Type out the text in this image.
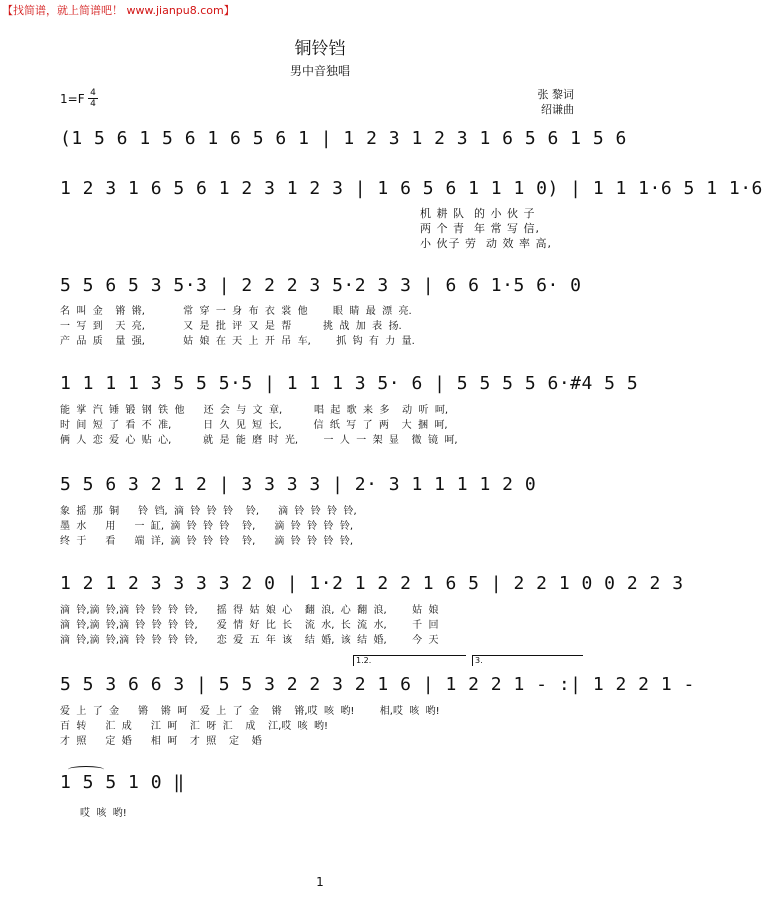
【找简谱，就上简谱吧！ www.jianpu8.com】
铜铃铛
男中音独唱
张 黎词
绍谦曲
1=F 4
4
(1 5 6 1 5 6 1 6 5 6 1 | 1 2 3 1 2 3 1 6 5 6 1 5 6
1 2 3 1 6 5 6 1 2 3 1 2 3 | 1 6 5 6 1 1 1 0) | 1 1 1·6 5 1 1·6
机 耕 队  的 小 伙 子
两 个 青  年 常 写 信,
小 伙子 劳  动 效 率 高,
5 5 6 5 3 5·3 | 2 2 2 3 5·2 3 3 | 6 6 1·5 6· 0
名  叫  金    锵  锵,            常  穿  一  身  布  衣  裳  他        眼  睛  最  漂  亮.
一  写  到    天  亮,            又  是  批  评  又  是  帮          挑  战  加  表  扬.
产  品  质    量  强,            姑  娘  在  天  上  开  吊  车,        抓  钩  有  力  量.
1 1 1 1 3 5 5 5·5 | 1 1 1 3 5· 6 | 5 5 5 5 6·#4 5 5
能  掌  汽  锤  锻  钢  铁  他      还  会  与  文  章,          唱  起  歌  来  多    动  听  呵,
时  间  短  了  看  不  准,          日  久  见  短  长,          信  纸  写  了  两    大  捆  呵,
俩  人  恋  爱  心  贴  心,          就  是  能  磨  时  光,        一  人  一  架  显    微  镜  呵,
5 5 6 3 2 1 2 | 3 3 3 3 | 2· 3 1 1 1 1 2 0
象  摇  那  铜      铃  铛,  滴  铃  铃  铃    铃,      滴  铃  铃  铃  铃,
墨  水      用      一  缸,  滴  铃  铃  铃    铃,      滴  铃  铃  铃  铃,
终  于      看      端  详,  滴  铃  铃  铃    铃,      滴  铃  铃  铃  铃,
1 2 1 2 3 3 3 3 2 0 | 1·2 1 2 2 1 6 5 | 2 2 1 0 0 2 2 3
滴  铃,滴  铃,滴  铃  铃  铃  铃,      摇  得  姑  娘  心    翻  浪,  心  翻  浪,        姑  娘
滴  铃,滴  铃,滴  铃  铃  铃  铃,      爱  情  好  比  长    流  水,  长  流  水,        千  回
滴  铃,滴  铃,滴  铃  铃  铃  铃,      恋  爱  五  年  该    结  婚,  该  结  婚,        今  天
1.2.	3.
5 5 3 6 6 3 | 5 5 3 2 2 3 2 1 6 | 1 2 2 1 - :| 1 2 2 1 -
爱  上  了  金      锵    锵  呵    爱  上  了  金    锵    锵,哎  咳  哟!        相,哎  咳  哟!
百  转      汇  成      江  呵    汇  呀  汇    成    江,哎  咳  哟!
才  照      定  婚      相  呵    才  照    定    婚
1 5 5 1 0 ‖
哎  咳  哟!
1
